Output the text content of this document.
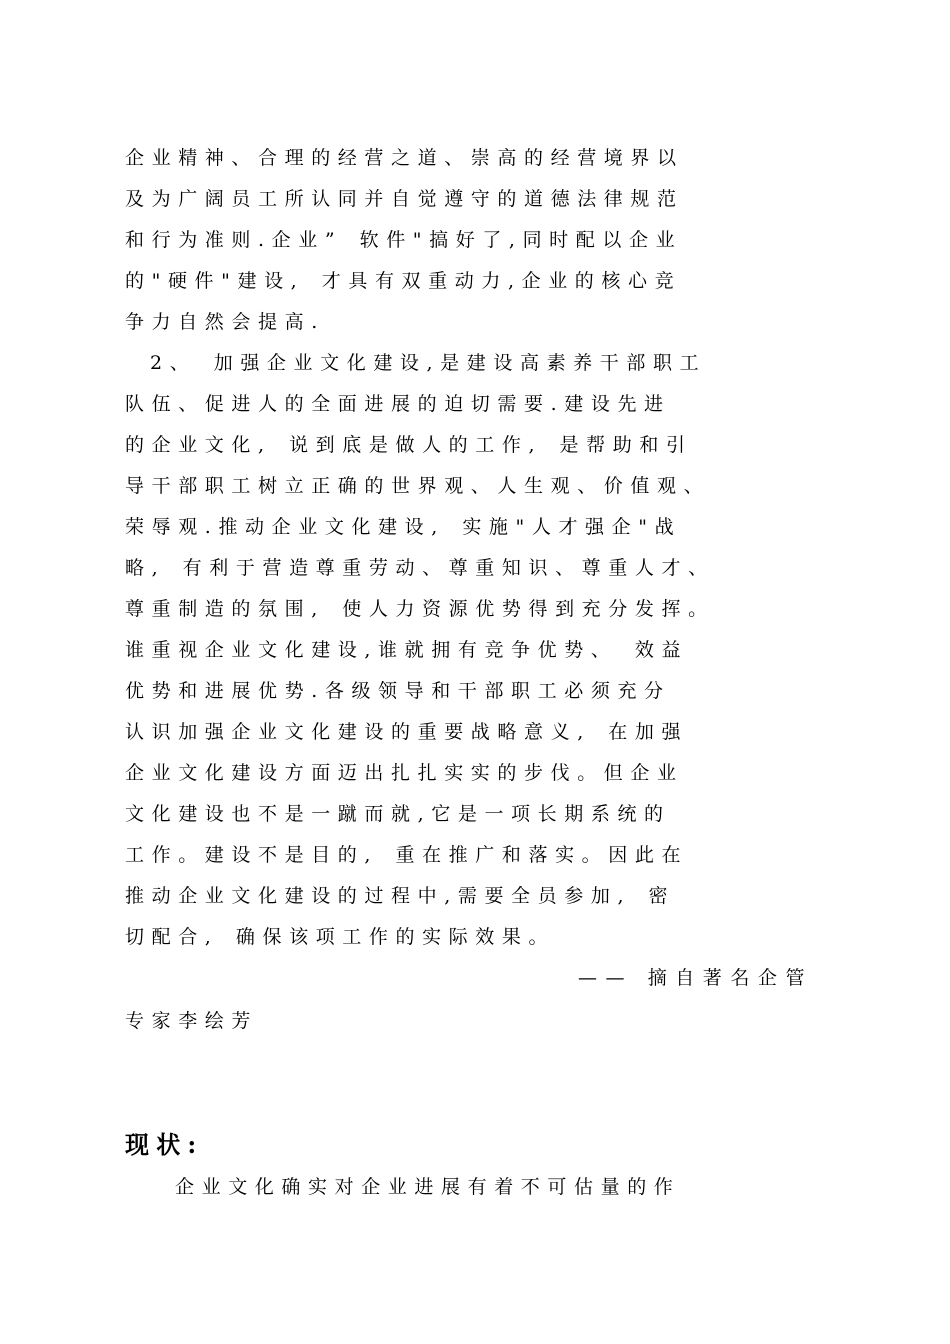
企业精神、合理的经营之道、崇高的经营境界以
及为广阔员工所认同并自觉遵守的道德法律规范
和行为准则.企业” 软件"搞好了,同时配以企业
的"硬件"建设, 才具有双重动力,企业的核心竞
争力自然会提高.
2、 加强企业文化建设,是建设高素养干部职工
队伍、促进人的全面进展的迫切需要.建设先进
的企业文化, 说到底是做人的工作, 是帮助和引
导干部职工树立正确的世界观、人生观、价值观、
荣辱观.推动企业文化建设, 实施"人才强企"战
略, 有利于营造尊重劳动、尊重知识、尊重人才、
尊重制造的氛围, 使人力资源优势得到充分发挥。
谁重视企业文化建设,谁就拥有竞争优势、 效益
优势和进展优势.各级领导和干部职工必须充分
认识加强企业文化建设的重要战略意义, 在加强
企业文化建设方面迈出扎扎实实的步伐。但企业
文化建设也不是一蹴而就,它是一项长期系统的
工作。建设不是目的, 重在推广和落实。因此在
推动企业文化建设的过程中,需要全员参加, 密
切配合, 确保该项工作的实际效果。
—— 摘自著名企管
专家李绘芳
现状:
企业文化确实对企业进展有着不可估量的作
